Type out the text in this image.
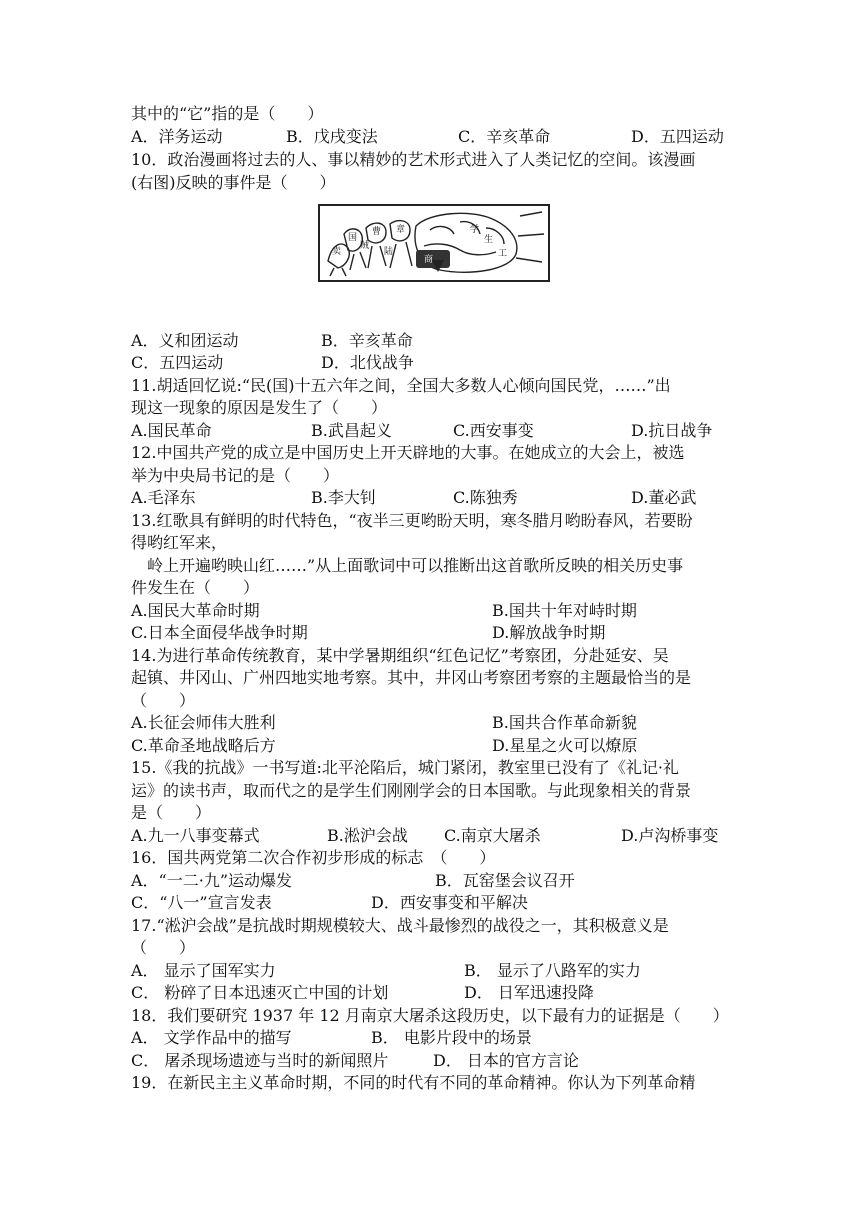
其中的“它”指的是（　　）
A．洋务运动	B．戊戌变法	C．辛亥革命	D．五四运动
10．政治漫画将过去的人、事以精妙的艺术形式进入了人类记忆的空间。该漫画
(右图)反映的事件是（　　）
卖
国
贼
曹 章
陆
学
生
商
工
A．义和团运动	B．辛亥革命
C．五四运动	D．北伐战争
11.胡适回忆说:“民(国)十五六年之间，全国大多数人心倾向国民党，……”出
现这一现象的原因是发生了（　　）
A.国民革命	B.武昌起义	C.西安事变	D.抗日战争
12.中国共产党的成立是中国历史上开天辟地的大事。在她成立的大会上，被选
举为中央局书记的是（　　）
A.毛泽东	B.李大钊	C.陈独秀	D.董必武
13.红歌具有鲜明的时代特色，“夜半三更哟盼天明，寒冬腊月哟盼春风，若要盼
得哟红军来，
　岭上开遍哟映山红……”从上面歌词中可以推断出这首歌所反映的相关历史事
件发生在（　　）
A.国民大革命时期	B.国共十年对峙时期
C.日本全面侵华战争时期	D.解放战争时期
14.为进行革命传统教育，某中学暑期组织“红色记忆”考察团，分赴延安、吴
起镇、井冈山、广州四地实地考察。其中，井冈山考察团考察的主题最恰当的是
（　　）
A.长征会师伟大胜利	B.国共合作革命新貌
C.革命圣地战略后方	D.星星之火可以燎原
15.《我的抗战》一书写道:北平沦陷后，城门紧闭，教室里已没有了《礼记·礼
运》的读书声，取而代之的是学生们刚刚学会的日本国歌。与此现象相关的背景
是（　　）
A.九一八事变幕式	B.淞沪会战 C.南京大屠杀	D.卢沟桥事变
16．国共两党第二次合作初步形成的标志　（　　）
A．“一二·九”运动爆发	B．瓦窑堡会议召开
C．“八一”宣言发表	D．西安事变和平解决
17.“淞沪会战”是抗战时期规模较大、战斗最惨烈的战役之一，其积极意义是
（　　）
A． 显示了国军实力	B． 显示了八路军的实力
C． 粉碎了日本迅速灭亡中国的计划	D． 日军迅速投降
18．我们要研究 1937 年 12 月南京大屠杀这段历史，以下最有力的证据是（　　）
A． 文学作品中的描写	B． 电影片段中的场景
C． 屠杀现场遗迹与当时的新闻照片	D． 日本的官方言论
19．在新民主主义革命时期，不同的时代有不同的革命精神。你认为下列革命精
